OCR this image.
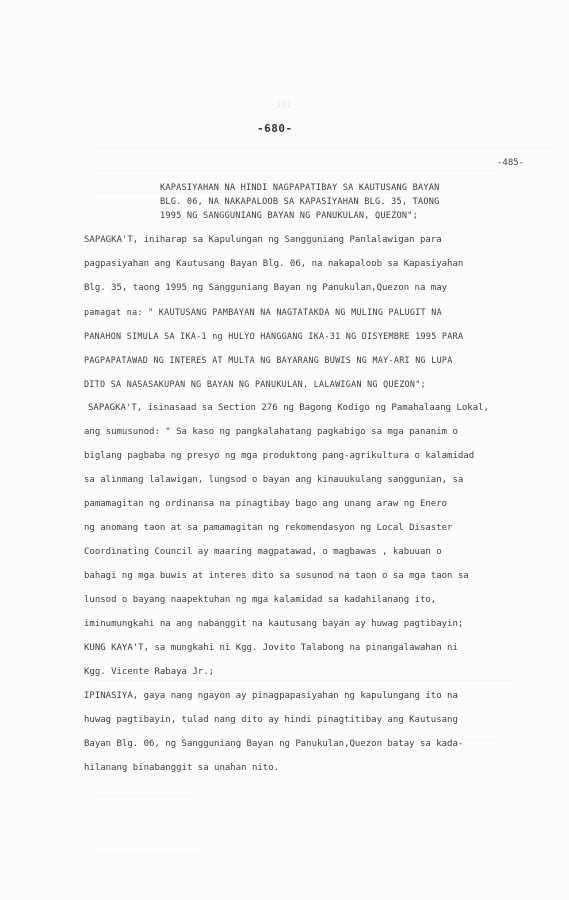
-381-
-680-
-485-
KAPASIYAHAN NA HINDI NAGPAPATIBAY SA KAUTUSANG BAYAN
BLG. 06, NA NAKAPALOOB SA KAPASIYAHAN BLG. 35, TAONG
1995 NG SANGGUNIANG BAYAN NG PANUKULAN, QUEZON";
SAPAGKA'T, iniharap sa Kapulungan ng Sangguniang Panlalawigan para
pagpasiyahan ang Kautusang Bayan Blg. 06, na nakapaloob sa Kapasiyahan
Blg. 35, taong 1995 ng Sangguniang Bayan ng Panukulan,Quezon na may
pamagat na: " KAUTUSANG PAMBAYAN NA NAGTATAKDA NG MULING PALUGIT NA
PANAHON SIMULA SA IKA-1 ng HULYO HANGGANG IKA-31 NG DISYEMBRE 1995 PARA
PAGPAPATAWAD NG INTERES AT MULTA NG BAYARANG BUWIS NG MAY-ARI NG LUPA
DITO SA NASASAKUPAN NG BAYAN NG PANUKULAN, LALAWIGAN NG QUEZON";
SAPAGKA'T, isinasaad sa Section 276 ng Bagong Kodigo ng Pamahalaang Lokal,
ang sumusunod: " Sa kaso ng pangkalahatang pagkabigo sa mga pananim o
biglang pagbaba ng presyo ng mga produktong pang-agrikultura o kalamidad
sa alinmang lalawigan, lungsod o bayan ang kinauukulang sanggunian, sa
pamamagitan ng ordinansa na pinagtibay bago ang unang araw ng Enero
ng anomang taon at sa pamamagitan ng rekomendasyon ng Local Disaster
Coordinating Council ay maaring magpatawad, o magbawas , kabuuan o
bahagi ng mga buwis at interes dito sa susunod na taon o sa mga taon sa
lunsod o bayang naapektuhan ng mga kalamidad sa kadahilanang ito,
iminumungkahi na ang nabanggit na kautusang bayan ay huwag pagtibayin;
KUNG KAYA'T, sa mungkahi ni Kgg. Jovito Talabong na pinangalawahan ni
Kgg. Vicente Rabaya Jr.;
IPINASIYA, gaya nang ngayon ay pinagpapasiyahan ng kapulungang ito na
huwag pagtibayin, tulad nang dito ay hindi pinagtitibay ang Kautusang
Bayan Blg. 06, ng Sangguniang Bayan ng Panukulan,Quezon batay sa kada-
hilanang binabanggit sa unahan nito.
